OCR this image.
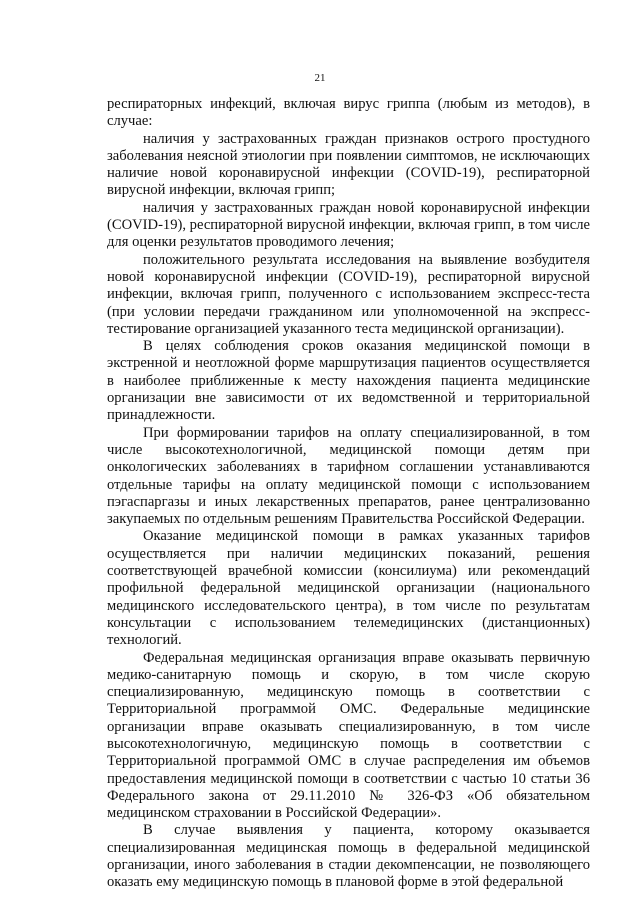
21

респираторных инфекций, включая вирус гриппа (любым из методов), в случае:

наличия у застрахованных граждан признаков острого простудного заболевания неясной этиологии при появлении симптомов, не исключающих наличие новой коронавирусной инфекции (COVID-19), респираторной вирусной инфекции, включая грипп;

наличия у застрахованных граждан новой коронавирусной инфекции (COVID-19), респираторной вирусной инфекции, включая грипп, в том числе для оценки результатов проводимого лечения;

положительного результата исследования на выявление возбудителя новой коронавирусной инфекции (COVID-19), респираторной вирусной инфекции, включая грипп, полученного с использованием экспресс-теста (при условии передачи гражданином или уполномоченной на экспресс-тестирование организацией указанного теста медицинской организации).

В целях соблюдения сроков оказания медицинской помощи в экстренной и неотложной форме маршрутизация пациентов осуществляется в наиболее приближенные к месту нахождения пациента медицинские организации вне зависимости от их ведомственной и территориальной принадлежности.

При формировании тарифов на оплату специализированной, в том числе высокотехнологичной, медицинской помощи детям при онкологических заболеваниях в тарифном соглашении устанавливаются отдельные тарифы на оплату медицинской помощи с использованием пэгаспаргазы и иных лекарственных препаратов, ранее централизованно закупаемых по отдельным решениям Правительства Российской Федерации.

Оказание медицинской помощи в рамках указанных тарифов осуществляется при наличии медицинских показаний, решения соответствующей врачебной комиссии (консилиума) или рекомендаций профильной федеральной медицинской организации (национального медицинского исследовательского центра), в том числе по результатам консультации с использованием телемедицинских (дистанционных) технологий.

Федеральная медицинская организация вправе оказывать первичную медико-санитарную помощь и скорую, в том числе скорую специализированную, медицинскую помощь в соответствии с Территориальной программой ОМС. Федеральные медицинские организации вправе оказывать специализированную, в том числе высокотехнологичную, медицинскую помощь в соответствии с Территориальной программой ОМС в случае распределения им объемов предоставления медицинской помощи в соответствии с частью 10 статьи 36 Федерального закона от 29.11.2010 № 326-ФЗ «Об обязательном медицинском страховании в Российской Федерации».

В случае выявления у пациента, которому оказывается специализированная медицинская помощь в федеральной медицинской организации, иного заболевания в стадии декомпенсации, не позволяющего оказать ему медицинскую помощь в плановой форме в этой федеральной
